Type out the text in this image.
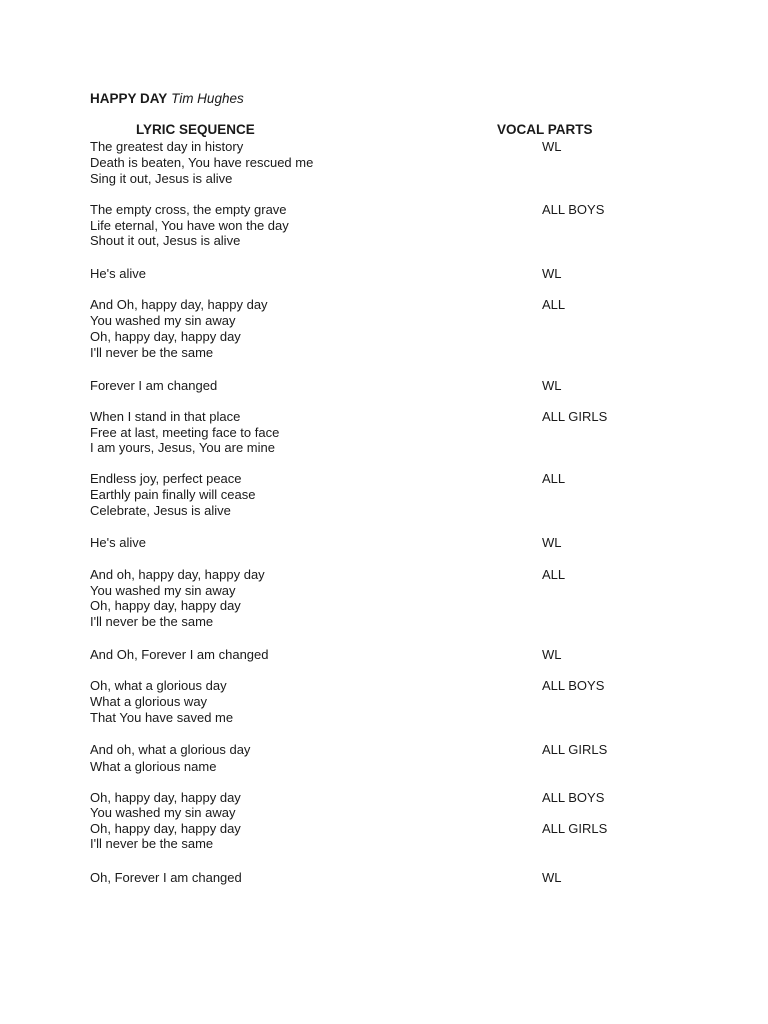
HAPPY DAY Tim Hughes
LYRIC SEQUENCE	VOCAL PARTS
The greatest day in history
Death is beaten, You have rescued me
Sing it out, Jesus is alive
The empty cross, the empty grave
Life eternal, You have won the day
Shout it out, Jesus is alive
He's alive
And Oh, happy day, happy day
You washed my sin away
Oh, happy day, happy day
I'll never be the same
Forever I am changed
When I stand in that place
Free at last, meeting face to face
I am yours, Jesus, You are mine
Endless joy, perfect peace
Earthly pain finally will cease
Celebrate, Jesus is alive
He's alive
And oh, happy day, happy day
You washed my sin away
Oh, happy day, happy day
I'll never be the same
And Oh, Forever I am changed
Oh, what a glorious day
What a glorious way
That You have saved me
And oh, what a glorious day
What a glorious name
Oh, happy day, happy day
You washed my sin away
Oh, happy day, happy day
I'll never be the same
Oh, Forever I am changed
WL
ALL BOYS
WL
ALL
WL
ALL GIRLS
ALL
WL
ALL
WL
ALL BOYS
ALL GIRLS
ALL BOYS
ALL GIRLS
WL
